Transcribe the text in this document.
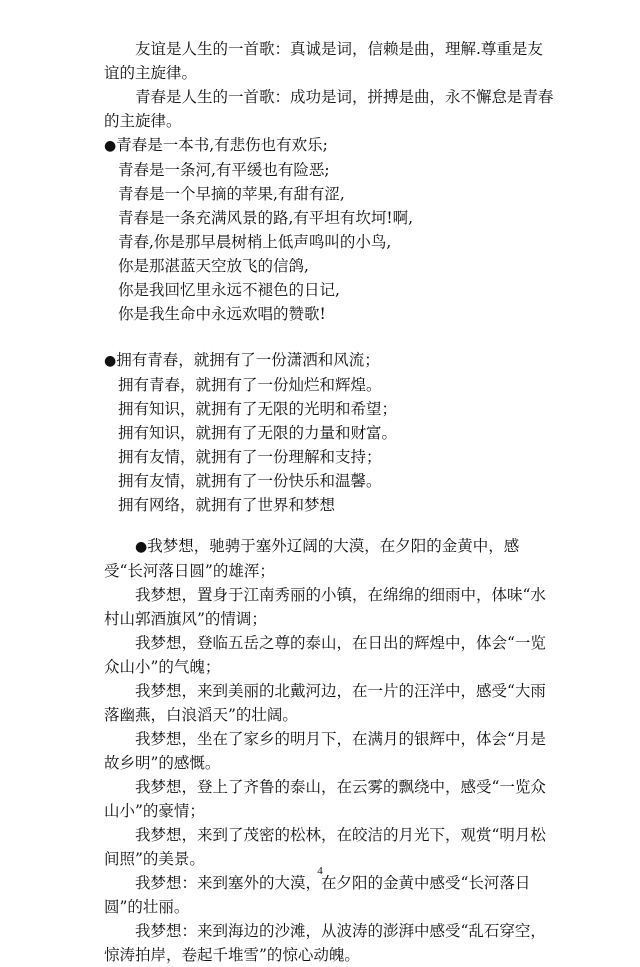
友谊是人生的一首歌：真诚是词，信赖是曲，理解.尊重是友谊的主旋律。

青春是人生的一首歌：成功是词，拼搏是曲，永不懈怠是青春的主旋律。

●青春是一本书,有悲伤也有欢乐;

青春是一条河,有平缓也有险恶;

青春是一个早摘的苹果,有甜有涩,

青春是一条充满风景的路,有平坦有坎坷!啊,

青春,你是那早晨树梢上低声鸣叫的小鸟,

你是那湛蓝天空放飞的信鸽,

你是我回忆里永远不褪色的日记,

你是我生命中永远欢唱的赞歌!

●拥有青春，就拥有了一份潇洒和风流；

拥有青春，就拥有了一份灿烂和辉煌。

拥有知识，就拥有了无限的光明和希望；

拥有知识，就拥有了无限的力量和财富。

拥有友情，就拥有了一份理解和支持；

拥有友情，就拥有了一份快乐和温馨。

拥有网络，就拥有了世界和梦想

●我梦想，驰骋于塞外辽阔的大漠，在夕阳的金黄中，感受“长河落日圆”的雄浑；

我梦想，置身于江南秀丽的小镇，在绵绵的细雨中，体味“水村山郭酒旗风”的情调；

我梦想，登临五岳之尊的泰山，在日出的辉煌中，体会“一览众山小”的气魄；

我梦想，来到美丽的北戴河边，在一片的汪洋中，感受“大雨落幽燕，白浪滔天”的壮阔。

我梦想，坐在了家乡的明月下，在满月的银辉中，体会“月是故乡明”的感慨。

我梦想，登上了齐鲁的泰山，在云雾的飘绕中，感受“一览众山小”的豪情；

我梦想，来到了茂密的松林，在皎洁的月光下，观赏“明月松间照”的美景。

我梦想：来到塞外的大漠，在夕阳的金黄中感受“长河落日圆”的壮丽。

我梦想：来到海边的沙滩，从波涛的澎湃中感受“乱石穿空，惊涛拍岸，卷起千堆雪”的惊心动魄。

4
